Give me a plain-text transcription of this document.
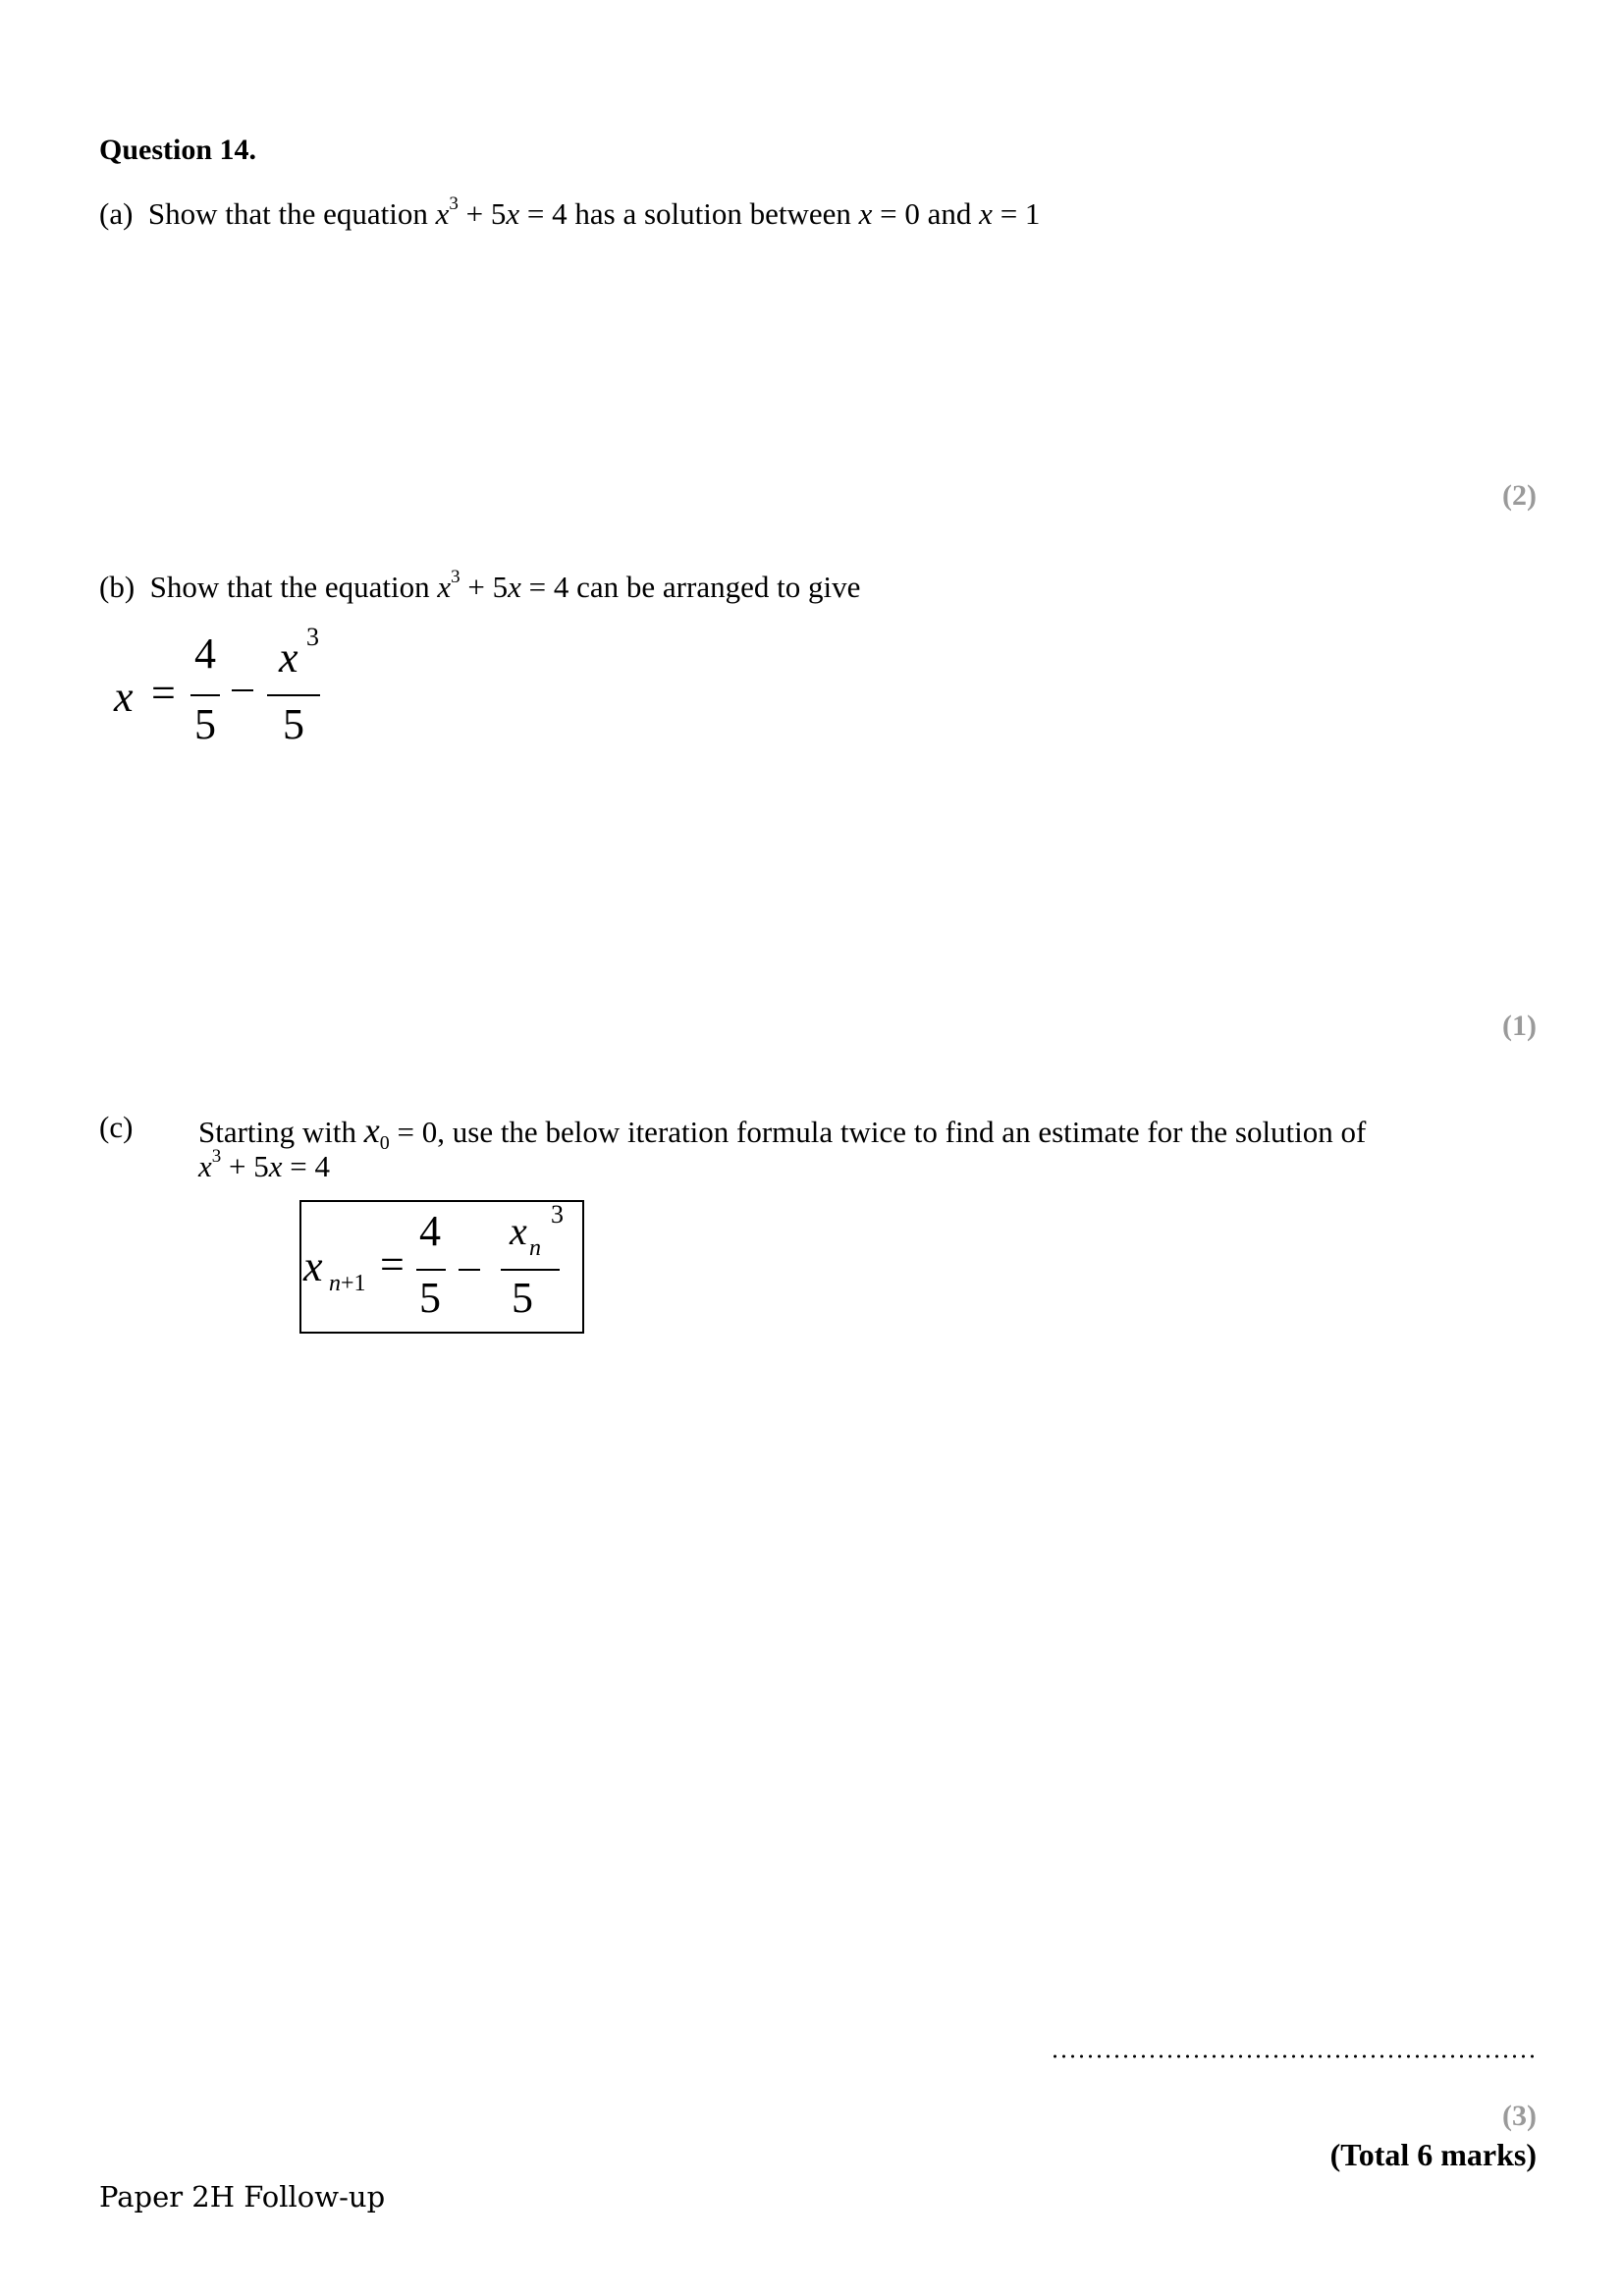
Question 14.
(a) Show that the equation $x^3 + 5x = 4$ has a solution between x = 0 and x = 1
(2)
(b) Show that the equation $x^3 + 5x = 4$ can be arranged to give
x =
4
5
x 3
5
(1)
(c) Starting with $x_0 = 0$, use the below iteration formula twice to find an estimate for the solution of
$x^3 + 5x = 4$
x n+1 =
4
5
x n
3
5
(3)
(Total 6 marks)
Paper 2H Follow-up
